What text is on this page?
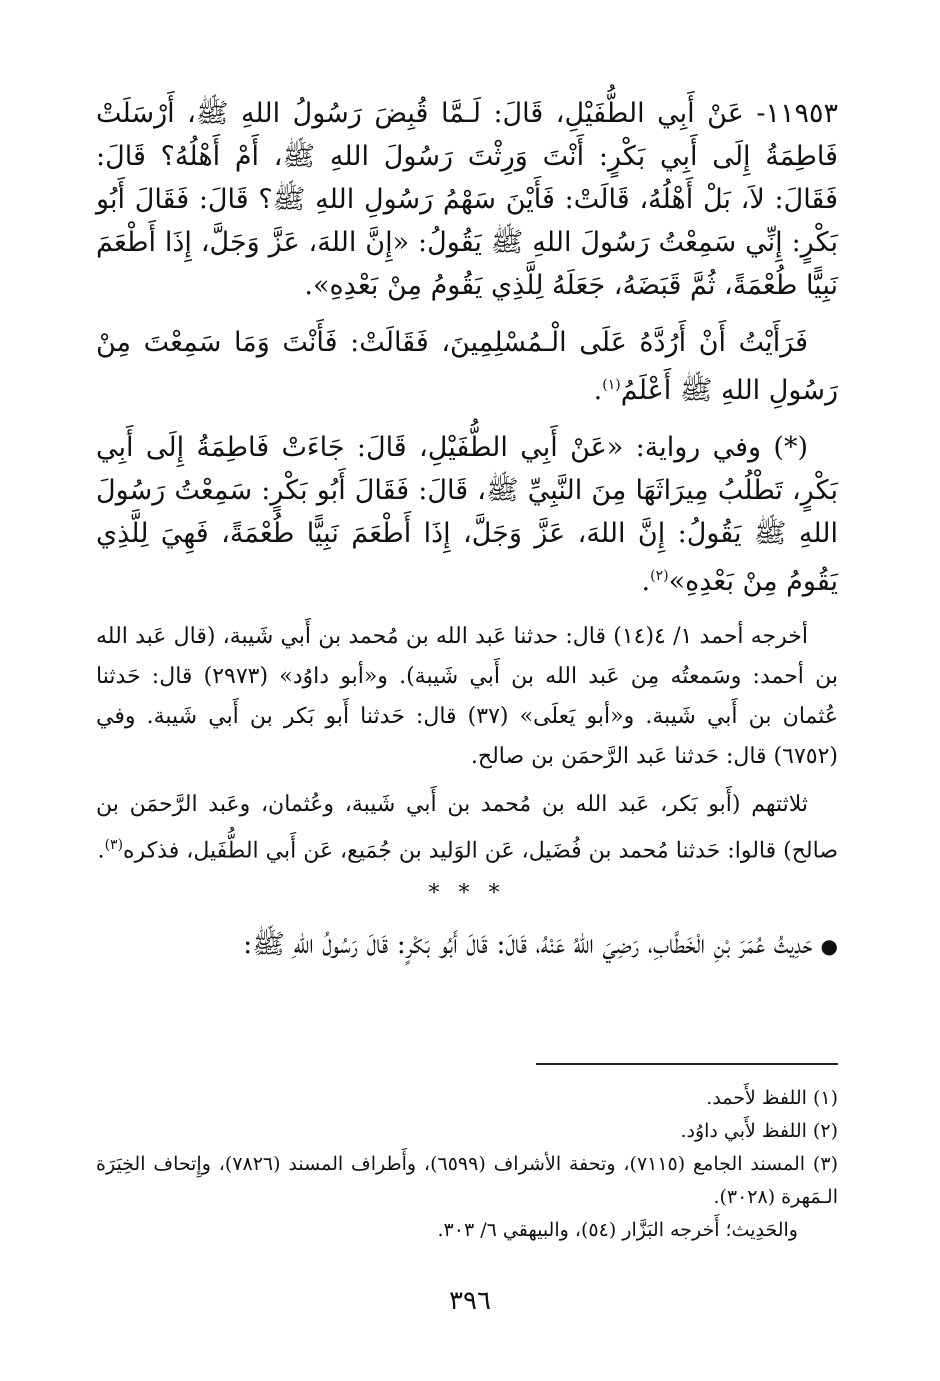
١١٩٥٣- عَنْ أَبِي الطُّفَيْلِ، قَالَ: لَـمَّا قُبِضَ رَسُولُ اللهِ ﷺ، أَرْسَلَتْ فَاطِمَةُ إِلَى أَبِي بَكْرٍ: أَنْتَ وَرِثْتَ رَسُولَ اللهِ ﷺ، أَمْ أَهْلُهُ؟ قَالَ: فَقَالَ: لاَ، بَلْ أَهْلُهُ، قَالَتْ: فَأَيْنَ سَهْمُ رَسُولِ اللهِ ﷺ؟ قَالَ: فَقَالَ أَبُو بَكْرٍ: إِنِّي سَمِعْتُ رَسُولَ اللهِ ﷺ يَقُولُ: «إِنَّ اللهَ، عَزَّ وَجَلَّ، إِذَا أَطْعَمَ نَبِيًّا طُعْمَةً، ثُمَّ قَبَضَهُ، جَعَلَهُ لِلَّذِي يَقُومُ مِنْ بَعْدِهِ».

فَرَأَيْتُ أَنْ أَرُدَّهُ عَلَى الْـمُسْلِمِينَ، فَقَالَتْ: فَأَنْتَ وَمَا سَمِعْتَ مِنْ رَسُولِ اللهِ ﷺ أَعْلَمُ$^{(١)}$.

(*) وفي رواية: «عَنْ أَبِي الطُّفَيْلِ، قَالَ: جَاءَتْ فَاطِمَةُ إِلَى أَبِي بَكْرٍ، تَطْلُبُ مِيرَاثَهَا مِنَ النَّبِيِّ ﷺ، قَالَ: فَقَالَ أَبُو بَكْرٍ: سَمِعْتُ رَسُولَ اللهِ ﷺ يَقُولُ: إِنَّ اللهَ، عَزَّ وَجَلَّ، إِذَا أَطْعَمَ نَبِيًّا طُعْمَةً، فَهِيَ لِلَّذِي يَقُومُ مِنْ بَعْدِهِ»$^{(٢)}$.

أخرجه أحمد ١/ ٤(١٤) قال: حدثنا عَبد الله بن مُحمد بن أَبي شَيبة، (قال عَبد الله بن أحمد: وسَمعتُه مِن عَبد الله بن أَبي شَيبة). و«أبو داوُد» (٢٩٧٣) قال: حَدثنا عُثمان بن أَبي شَيبة. و«أبو يَعلَى» (٣٧) قال: حَدثنا أَبو بَكر بن أَبي شَيبة. وفي (٦٧٥٢) قال: حَدثنا عَبد الرَّحمَن بن صالح.

ثلاثتهم (أَبو بَكر، عَبد الله بن مُحمد بن أَبي شَيبة، وعُثمان، وعَبد الرَّحمَن بن صالح) قالوا: حَدثنا مُحمد بن فُضَيل، عَن الوَليد بن جُمَيع، عَن أَبي الطُّفَيل، فذكره$^{(٣)}$.

* * *

●حَدِيثُ عُمَرَ بْنِ الْخَطَّابِ، رَضِيَ اللهُ عَنْهُ، قَالَ: قَالَ أَبُو بَكْرٍ: قَالَ رَسُولُ اللهِ ﷺ:

(١) اللفظ لأَحمد.

(٢) اللفظ لأَبي داوُد.

(٣) المسند الجامع (٧١١٥)، وتحفة الأشراف (٦٥٩٩)، وأَطراف المسند (٧٨٢٦)، وإِتحاف الخِيَرَة الـمَهرة (٣٠٢٨).

والحَدِيث؛ أَخرجه البَزَّار (٥٤)، والبيهقي ٦/ ٣٠٣.

٣٩٦
